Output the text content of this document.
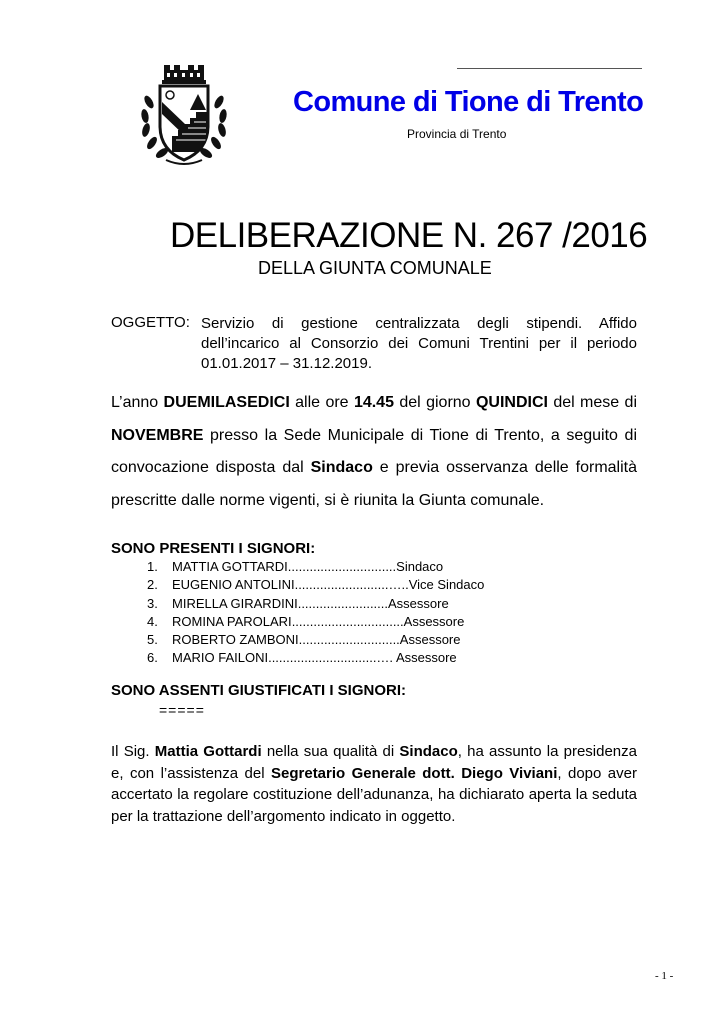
Comune di Tione di Trento
Provincia di Trento
DELIBERAZIONE N. 267 /2016
DELLA GIUNTA COMUNALE
OGGETTO: Servizio di gestione centralizzata degli stipendi. Affido dell’incarico al Consorzio dei Comuni Trentini per il periodo 01.01.2017 – 31.12.2019.
L’anno DUEMILASEDICI alle ore 14.45 del giorno QUINDICI del mese di
NOVEMBRE presso la Sede Municipale di Tione di Trento, a seguito di
convocazione disposta dal Sindaco e previa osservanza delle formalità
prescritte dalle norme vigenti, si è riunita la Giunta comunale.
SONO PRESENTI I SIGNORI:
1. MATTIA GOTTARDI..............................Sindaco
2. EUGENIO ANTOLINI..........................…..Vice Sindaco
3. MIRELLA GIRARDINI.........................Assessore
4. ROMINA PAROLARI...............................Assessore
5. ROBERTO ZAMBONI............................Assessore
6. MARIO FAILONI..............................…. Assessore
SONO ASSENTI GIUSTIFICATI I SIGNORI:
=====
Il Sig. Mattia Gottardi nella sua qualità di Sindaco, ha assunto la presidenza e, con l’assistenza del Segretario Generale dott. Diego Viviani, dopo aver accertato la regolare costituzione dell’adunanza, ha dichiarato aperta la seduta per la trattazione dell’argomento indicato in oggetto.
- 1 -
